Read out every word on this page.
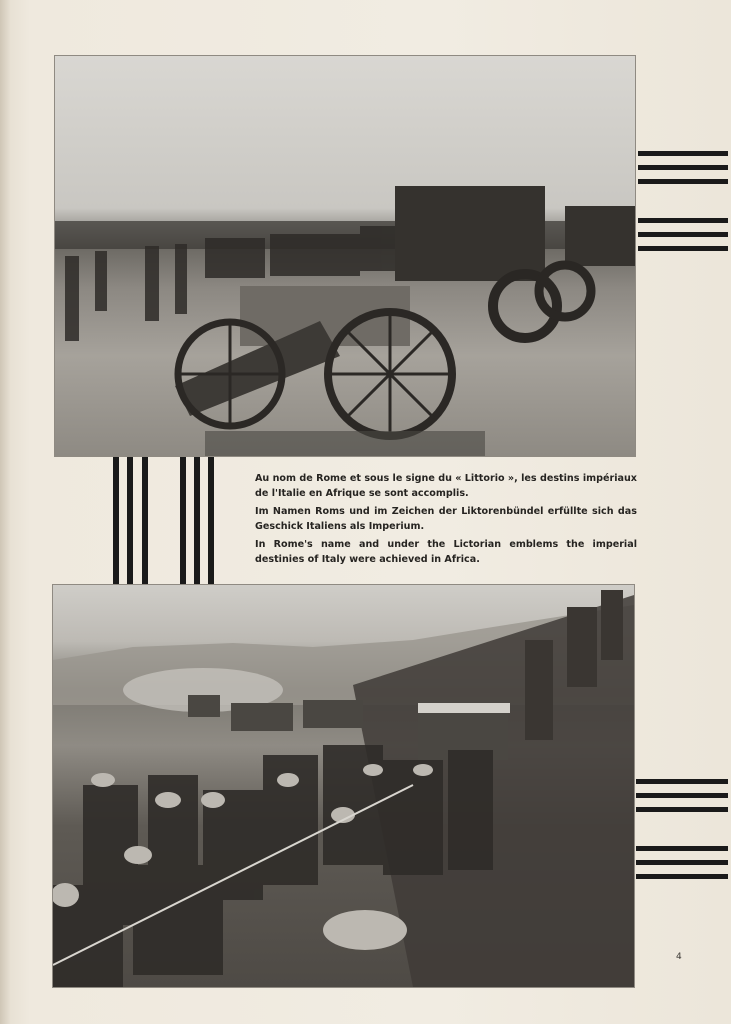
Au nom de Rome et sous le signe du « Littorio », les destins impériaux de l'Italie en Afrique se sont accomplis.

Im Namen Roms und im Zeichen der Liktorenbündel erfüllte sich das Geschick Italiens als Imperium.

In Rome's name and under the Lictorian emblems the imperial destinies of Italy were achieved in Africa.

4
